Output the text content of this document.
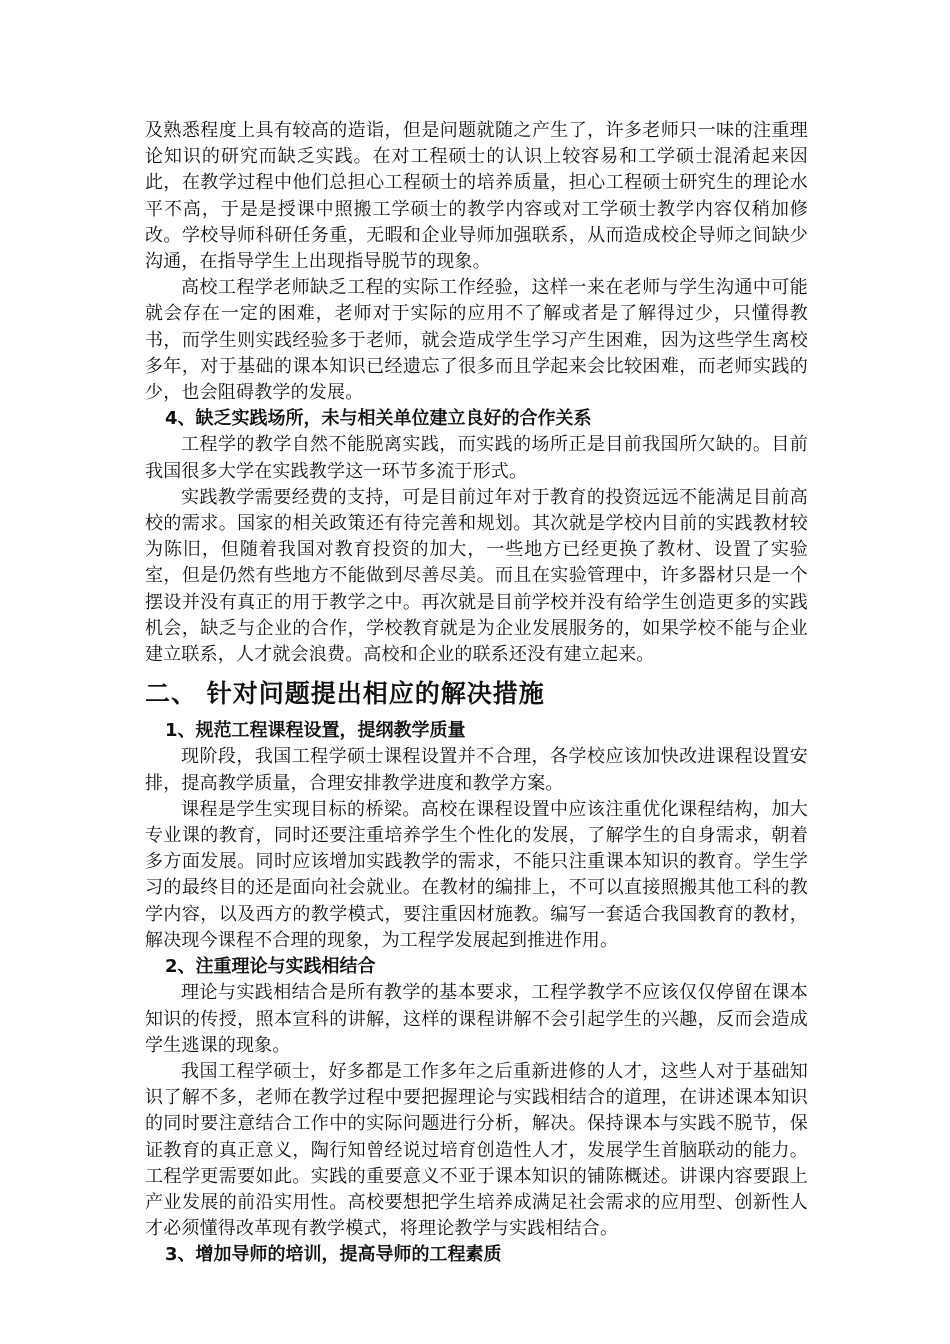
及熟悉程度上具有较高的造诣，但是问题就随之产生了，许多老师只一味的注重理论知识的研究而缺乏实践。在对工程硕士的认识上较容易和工学硕士混淆起来因此，在教学过程中他们总担心工程硕士的培养质量，担心工程硕士研究生的理论水平不高，于是是授课中照搬工学硕士的教学内容或对工学硕士教学内容仅稍加修改。学校导师科研任务重，无暇和企业导师加强联系，从而造成校企导师之间缺少沟通，在指导学生上出现指导脱节的现象。

高校工程学老师缺乏工程的实际工作经验，这样一来在老师与学生沟通中可能就会存在一定的困难，老师对于实际的应用不了解或者是了解得过少，只懂得教书，而学生则实践经验多于老师，就会造成学生学习产生困难，因为这些学生离校多年，对于基础的课本知识已经遗忘了很多而且学起来会比较困难，而老师实践的少，也会阻碍教学的发展。

4、缺乏实践场所，未与相关单位建立良好的合作关系

工程学的教学自然不能脱离实践，而实践的场所正是目前我国所欠缺的。目前我国很多大学在实践教学这一环节多流于形式。

实践教学需要经费的支持，可是目前过年对于教育的投资远远不能满足目前高校的需求。国家的相关政策还有待完善和规划。其次就是学校内目前的实践教材较为陈旧，但随着我国对教育投资的加大，一些地方已经更换了教材、设置了实验室，但是仍然有些地方不能做到尽善尽美。而且在实验管理中，许多器材只是一个摆设并没有真正的用于教学之中。再次就是目前学校并没有给学生创造更多的实践机会，缺乏与企业的合作，学校教育就是为企业发展服务的，如果学校不能与企业建立联系，人才就会浪费。高校和企业的联系还没有建立起来。

二、 针对问题提出相应的解决措施

1、规范工程课程设置，提纲教学质量

现阶段，我国工程学硕士课程设置并不合理，各学校应该加快改进课程设置安排，提高教学质量，合理安排教学进度和教学方案。

课程是学生实现目标的桥梁。高校在课程设置中应该注重优化课程结构，加大专业课的教育，同时还要注重培养学生个性化的发展，了解学生的自身需求，朝着多方面发展。同时应该增加实践教学的需求，不能只注重课本知识的教育。学生学习的最终目的还是面向社会就业。在教材的编排上，不可以直接照搬其他工科的教学内容，以及西方的教学模式，要注重因材施教。编写一套适合我国教育的教材，解决现今课程不合理的现象，为工程学发展起到推进作用。

2、注重理论与实践相结合

理论与实践相结合是所有教学的基本要求，工程学教学不应该仅仅停留在课本知识的传授，照本宣科的讲解，这样的课程讲解不会引起学生的兴趣，反而会造成学生逃课的现象。

我国工程学硕士，好多都是工作多年之后重新进修的人才，这些人对于基础知识了解不多，老师在教学过程中要把握理论与实践相结合的道理，在讲述课本知识的同时要注意结合工作中的实际问题进行分析，解决。保持课本与实践不脱节，保证教育的真正意义，陶行知曾经说过培育创造性人才，发展学生首脑联动的能力。工程学更需要如此。实践的重要意义不亚于课本知识的铺陈概述。讲课内容要跟上产业发展的前沿实用性。高校要想把学生培养成满足社会需求的应用型、创新性人才必须懂得改革现有教学模式，将理论教学与实践相结合。

3、增加导师的培训，提高导师的工程素质
